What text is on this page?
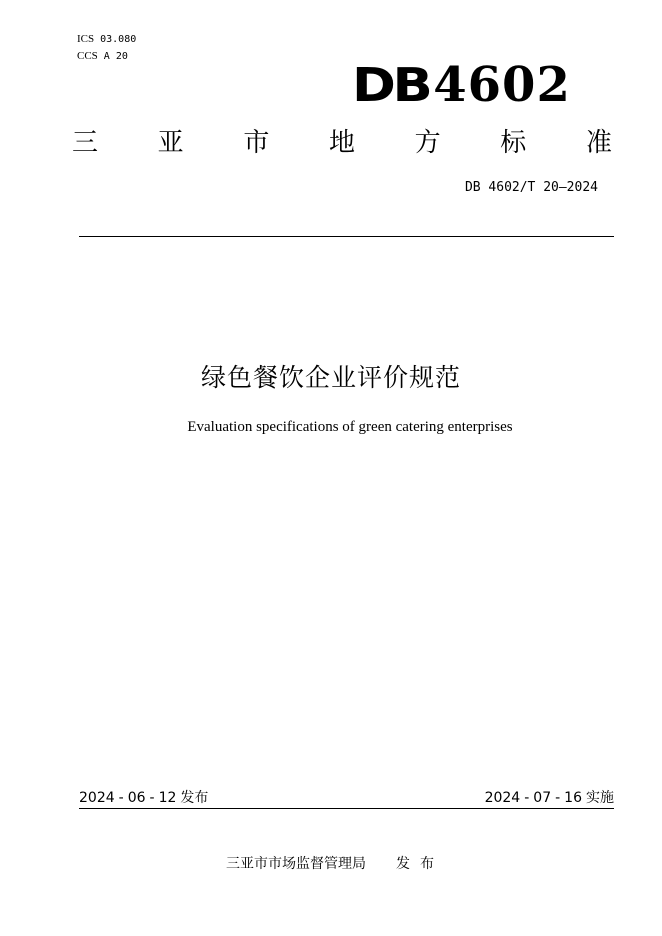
ICS 03.080
CCS A 20
DB 4602
三 亚 市 地 方 标 准
DB 4602/T 20—2024
绿色餐饮企业评价规范
Evaluation specifications of green catering enterprises
2024 - 06 - 12 发布	2024 - 07 - 16 实施
三亚市市场监督管理局 发布
